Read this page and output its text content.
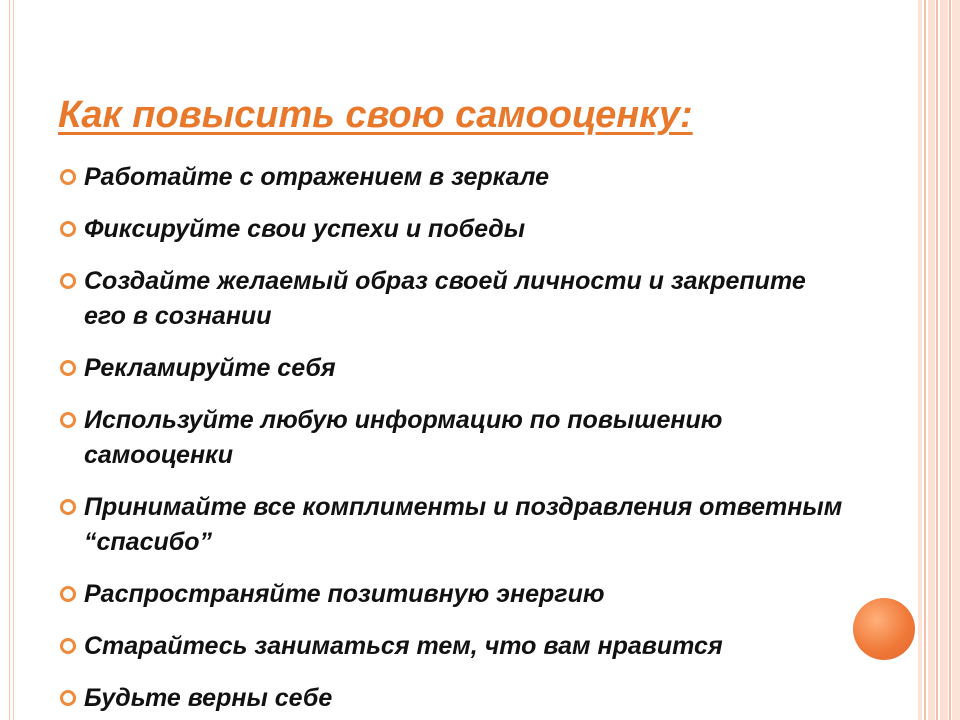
Как повысить свою самооценку:
Работайте с отражением в зеркале
Фиксируйте свои успехи и победы
Создайте желаемый образ своей личности и закрепите его в сознании
Рекламируйте себя
Используйте любую информацию по повышению самооценки
Принимайте все комплименты и поздравления ответным “спасибо”
Распространяйте позитивную энергию
Старайтесь заниматься тем, что вам нравится
Будьте верны себе
